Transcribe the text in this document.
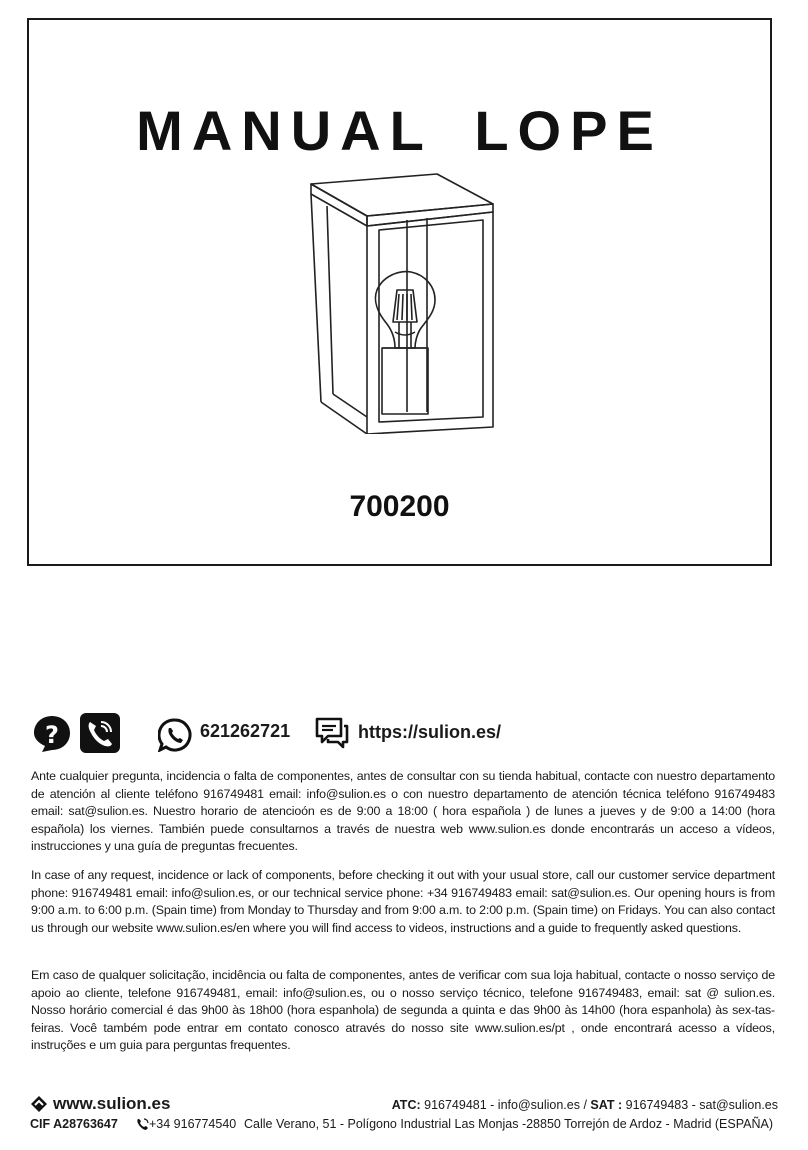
MANUAL LOPE
700200
?	621262721	https://sulion.es/

Ante cualquier pregunta, incidencia o falta de componentes, antes de consultar con su tienda habitual, contacte con nuestro departamento de atención al cliente teléfono 916749481 email: info@sulion.es o con nuestro departamento de atención técnica teléfono 916749483 email: sat@sulion.es. Nuestro horario de atencioón es de 9:00 a 18:00 ( hora española ) de lunes a jueves y de 9:00 a 14:00 (hora española) los viernes. También puede consultarnos a través de nuestra web www.sulion.es donde encontrarás un acceso a vídeos, instrucciones y una guía de preguntas frecuentes.

In case of any request, incidence or lack of components, before checking it out with your usual store, call our customer service department phone: 916749481 email: info@sulion.es, or our technical service phone: +34 916749483 email: sat@sulion.es. Our opening hours is from 9:00 a.m. to 6:00 p.m. (Spain time) from Monday to Thursday and from 9:00 a.m. to 2:00 p.m. (Spain time) on Fridays. You can also contact us through our website www.sulion.es/en where you will find access to videos, instructions and a guide to frequently asked questions.

Em caso de qualquer solicitação, incidência ou falta de componentes, antes de verificar com sua loja habitual, contacte o nosso serviço de apoio ao cliente, telefone 916749481, email: info@sulion.es, ou o nosso serviço técnico, telefone 916749483, email: sat @ sulion.es. Nosso horário comercial é das 9h00 às 18h00 (hora espanhola) de segunda a quinta e das 9h00 às 14h00 (hora espanhola) às sex-tas-feiras. Você também pode entrar em contato conosco através do nosso site www.sulion.es/pt , onde encontrará acesso a vídeos, instruções e um guia para perguntas frequentes.

www.sulion.es	ATC: 916749481 - info@sulion.es / SAT : 916749483 - sat@sulion.es
CIF A28763647 +34 916774540 Calle Verano, 51 - Polígono Industrial Las Monjas -28850 Torrejón de Ardoz - Madrid (ESPAÑA)
